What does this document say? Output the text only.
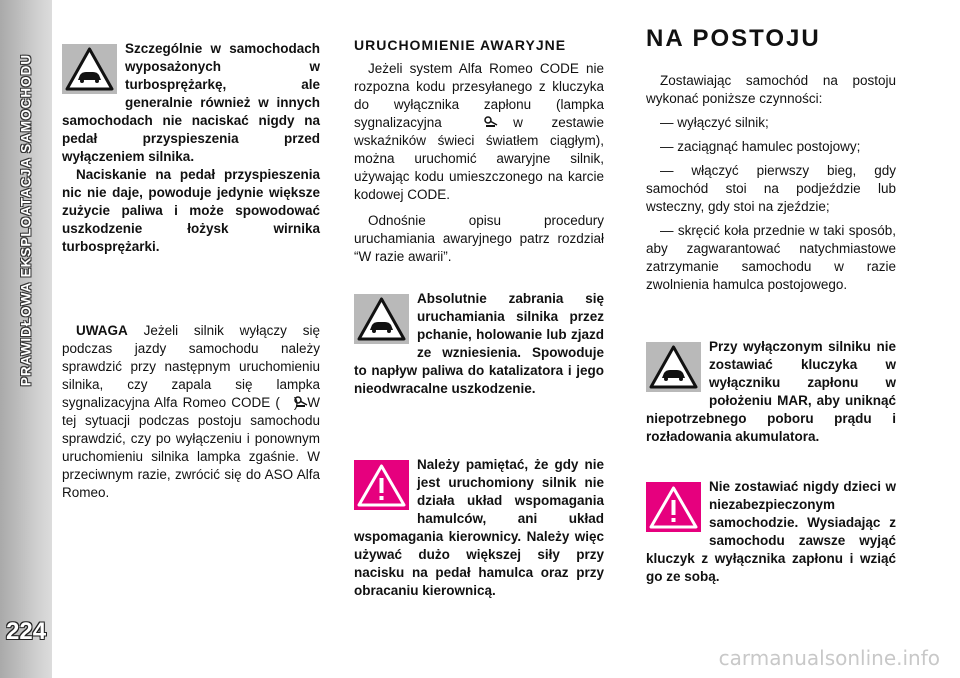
PRAWIDŁOWA EKSPLOATACJA SAMOCHODU
224

Szczególnie w samochodach wyposażonych w turbosprężarkę, ale generalnie również w innych samochodach nie naciskać nigdy na pedał przyspieszenia przed wyłączeniem silnika.

Naciskanie na pedał przyspieszenia nic nie daje, powoduje jedynie większe zużycie paliwa i może spowodować uszkodzenie łożysk wirnika turbosprężarki.

UWAGA Jeżeli silnik wyłączy się podczas jazdy samochodu należy sprawdzić przy następnym uruchomieniu silnika, czy zapala się lampka sygnalizacyjna Alfa Romeo CODE ( ). W tej sytuacji podczas postoju samochodu sprawdzić, czy po wyłączeniu i ponownym uruchomieniu silnika lampka zgaśnie. W przeciwnym razie, zwrócić się do ASO Alfa Romeo.

URUCHOMIENIE AWARYJNE

Jeżeli system Alfa Romeo CODE nie rozpozna kodu przesyłanego z kluczyka do wyłącznika zapłonu (lampka sygnalizacyjna	w zestawie wskaźników świeci światłem ciągłym), można uruchomić awaryjne silnik, używając kodu umieszczonego na karcie kodowej CODE.

Odnośnie opisu procedury uruchamiania awaryjnego patrz rozdział “W razie awarii”.

Absolutnie zabrania się uruchamiania silnika przez pchanie, holowanie lub zjazd ze wzniesienia. Spowoduje to napływ paliwa do katalizatora i jego nieodwracalne uszkodzenie.

Należy pamiętać, że gdy nie jest uruchomiony silnik nie działa układ wspomagania hamulców, ani układ wspomagania kierownicy. Należy więc używać dużo większej siły przy nacisku na pedał hamulca oraz przy obracaniu kierownicą.

NA POSTOJU

Zostawiając samochód na postoju wykonać poniższe czynności:

— wyłączyć silnik;

— zaciągnąć hamulec postojowy;

— włączyć pierwszy bieg, gdy samochód stoi na podjeździe lub wsteczny, gdy stoi na zjeździe;

— skręcić koła przednie w taki sposób, aby zagwarantować natychmiastowe zatrzymanie samochodu w razie zwolnienia hamulca postojowego.

Przy wyłączonym silniku nie zostawiać kluczyka w wyłączniku zapłonu w położeniu MAR, aby uniknąć niepotrzebnego poboru prądu i rozładowania akumulatora.

Nie zostawiać nigdy dzieci w niezabezpieczonym samochodzie. Wysiadając z samochodu zawsze wyjąć kluczyk z wyłącznika zapłonu i wziąć go ze sobą.

carmanualsonline.info
